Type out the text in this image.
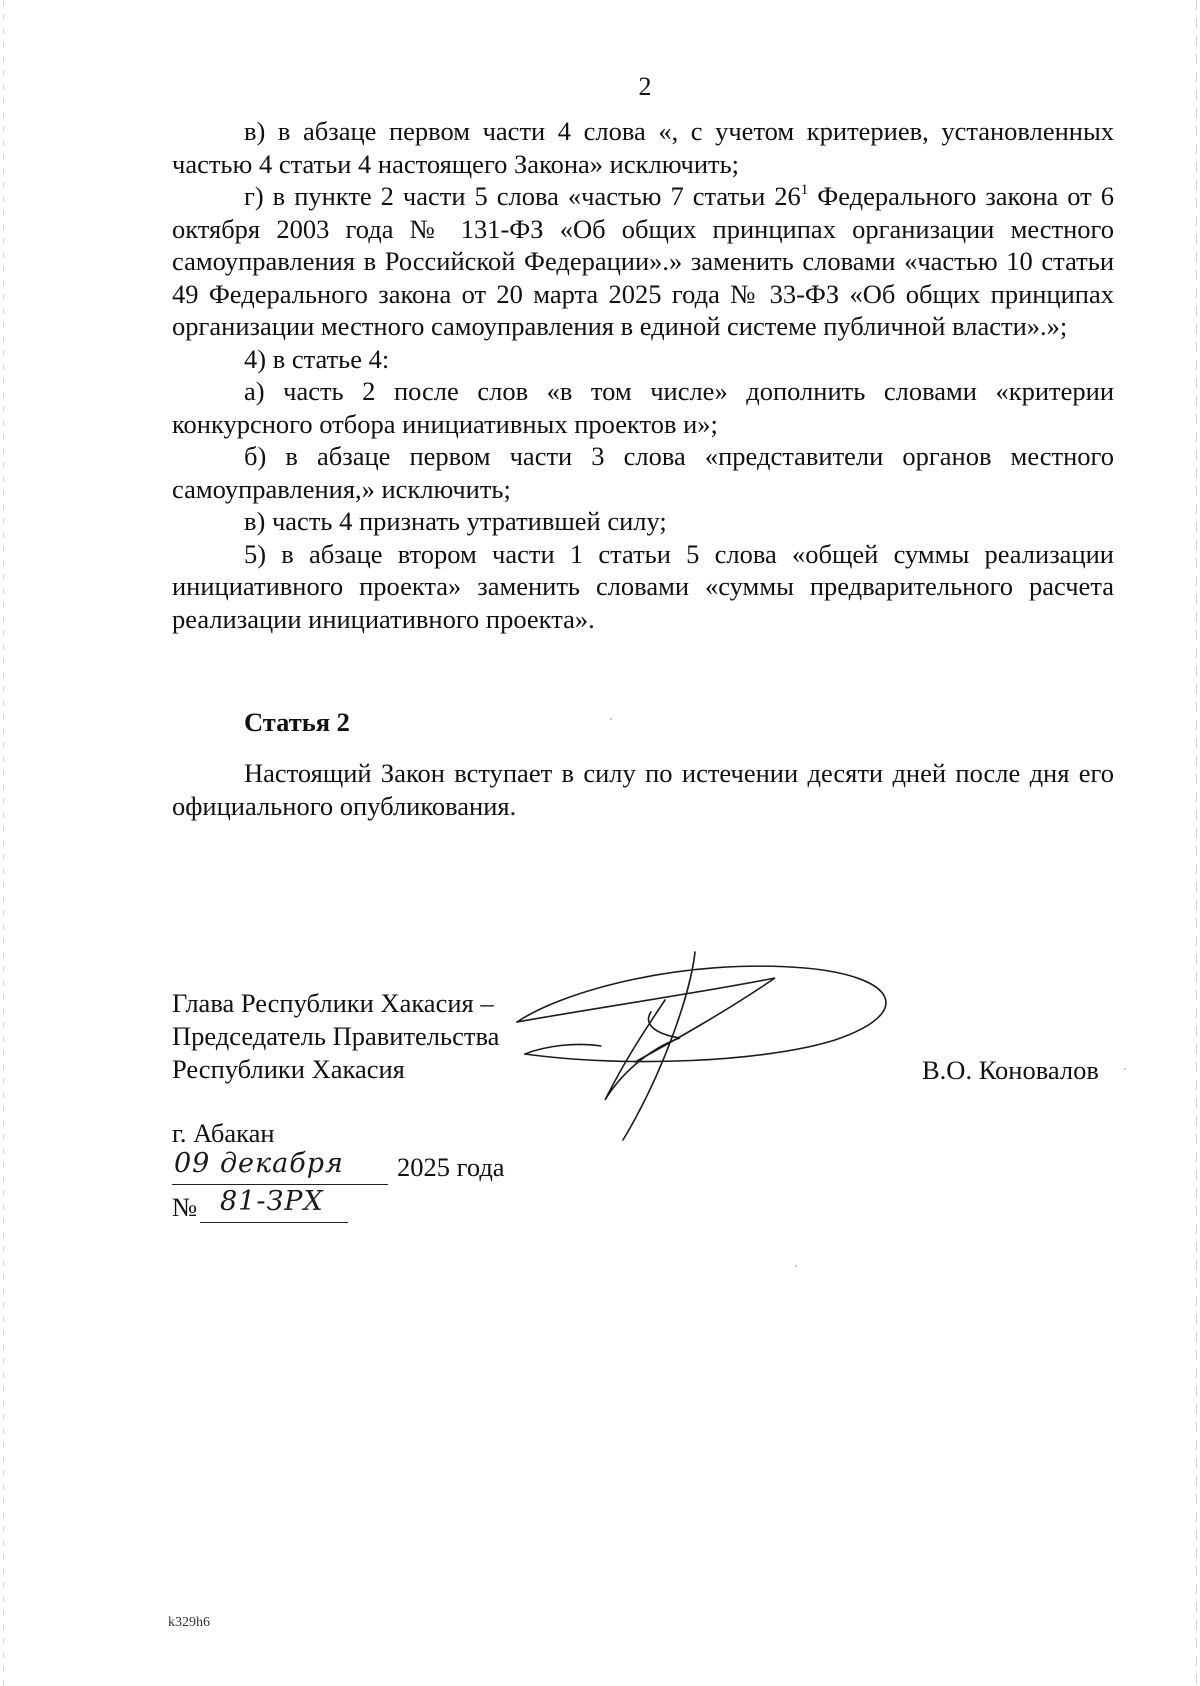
2

в) в абзаце первом части 4 слова «, с учетом критериев, установленных частью 4 статьи 4 настоящего Закона» исключить;

г) в пункте 2 части 5 слова «частью 7 статьи 26$^1$ Федерального закона от 6 октября 2003 года № 131-ФЗ «Об общих принципах организации местного самоуправления в Российской Федерации».» заменить словами «частью 10 статьи 49 Федерального закона от 20 марта 2025 года № 33-ФЗ «Об общих принципах организации местного самоуправления в единой системе публичной власти».»;

4) в статье 4:

а) часть 2 после слов «в том числе» дополнить словами «критерии конкурсного отбора инициативных проектов и»;

б) в абзаце первом части 3 слова «представители органов местного самоуправления,» исключить;

в) часть 4 признать утратившей силу;

5) в абзаце втором части 1 статьи 5 слова «общей суммы реализации инициативного проекта» заменить словами «суммы предварительного расчета реализации инициативного проекта».

Статья 2

Настоящий Закон вступает в силу по истечении десяти дней после дня его официального опубликования.

Глава Республики Хакасия –
Председатель Правительства
Республики Хакасия	В.О. Коновалов
г. Абакан
09 декабря 2025 года
№ 81-ЗРХ
k329h6
